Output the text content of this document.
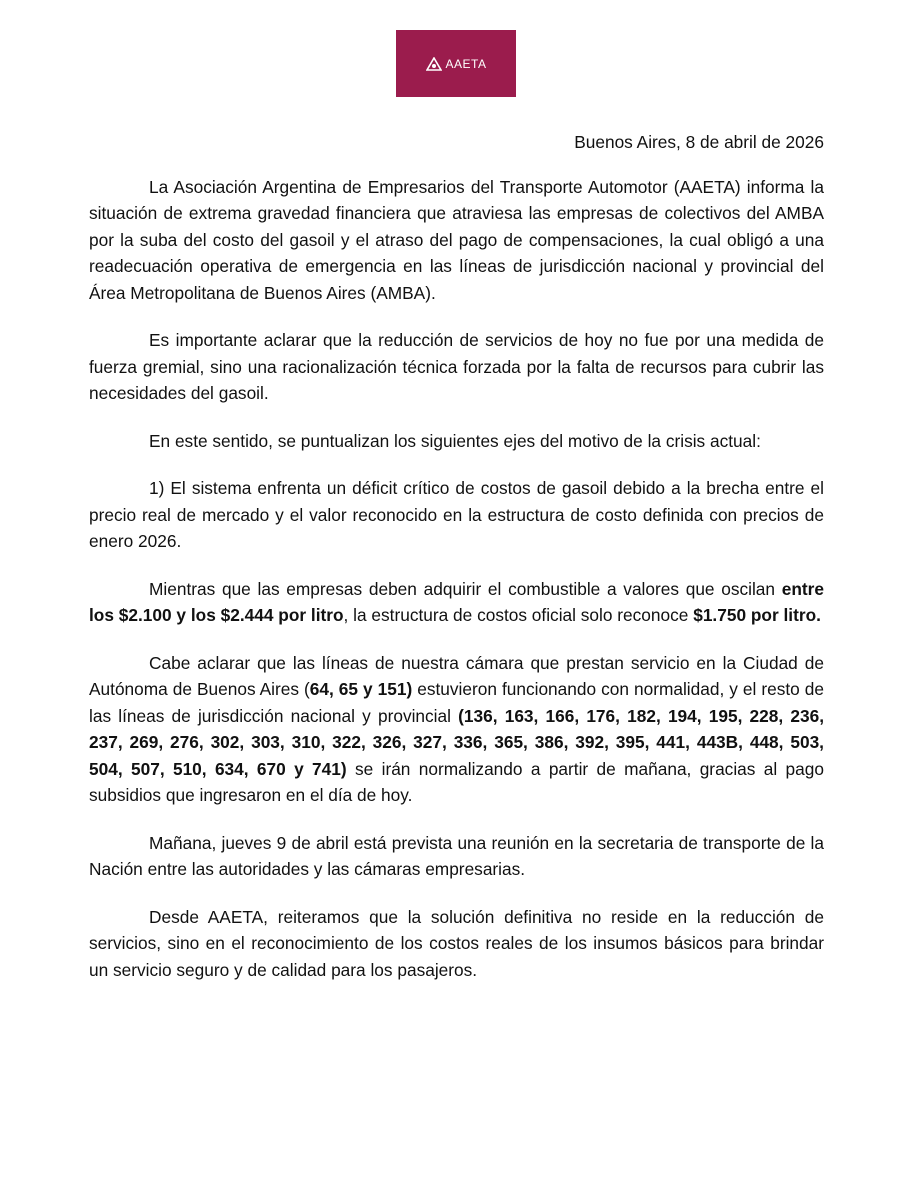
AAETA
Buenos Aires, 8 de abril de 2026

La Asociación Argentina de Empresarios del Transporte Automotor (AAETA) informa la situación de extrema gravedad financiera que atraviesa las empresas de colectivos del AMBA por la suba del costo del gasoil y el atraso del pago de compensaciones, la cual obligó a una readecuación operativa de emergencia en las líneas de jurisdicción nacional y provincial del Área Metropolitana de Buenos Aires (AMBA).

Es importante aclarar que la reducción de servicios de hoy no fue por una medida de fuerza gremial, sino una racionalización técnica forzada por la falta de recursos para cubrir las necesidades del gasoil.

En este sentido, se puntualizan los siguientes ejes del motivo de la crisis actual:

1) El sistema enfrenta un déficit crítico de costos de gasoil debido a la brecha entre el precio real de mercado y el valor reconocido en la estructura de costo definida con precios de enero 2026.

Mientras que las empresas deben adquirir el combustible a valores que oscilan entre los $2.100 y los $2.444 por litro, la estructura de costos oficial solo reconoce $1.750 por litro.

Cabe aclarar que las líneas de nuestra cámara que prestan servicio en la Ciudad de Autónoma de Buenos Aires (64, 65 y 151) estuvieron funcionando con normalidad, y el resto de las líneas de jurisdicción nacional y provincial (136, 163, 166, 176, 182, 194, 195, 228, 236, 237, 269, 276, 302, 303, 310, 322, 326, 327, 336, 365, 386, 392, 395, 441, 443B, 448, 503, 504, 507, 510, 634, 670 y 741) se irán normalizando a partir de mañana, gracias al pago subsidios que ingresaron en el día de hoy.

Mañana, jueves 9 de abril está prevista una reunión en la secretaria de transporte de la Nación entre las autoridades y las cámaras empresarias.

Desde AAETA, reiteramos que la solución definitiva no reside en la reducción de servicios, sino en el reconocimiento de los costos reales de los insumos básicos para brindar un servicio seguro y de calidad para los pasajeros.
